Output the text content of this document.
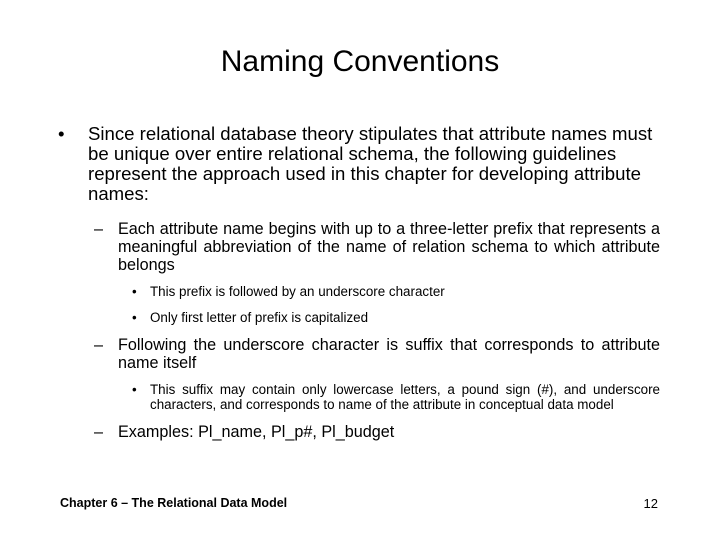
Naming Conventions
• Since relational database theory stipulates that attribute names must be unique over entire relational schema, the following guidelines represent the approach used in this chapter for developing attribute names:
– Each attribute name begins with up to a three-letter prefix that represents a meaningful abbreviation of the name of relation schema to which attribute belongs
• This prefix is followed by an underscore character
• Only first letter of prefix is capitalized
– Following the underscore character is suffix that corresponds to attribute name itself
• This suffix may contain only lowercase letters, a pound sign (#), and underscore characters, and corresponds to name of the attribute in conceptual data model
– Examples: Pl_name, Pl_p#, Pl_budget
Chapter 6 – The Relational Data Model	12
